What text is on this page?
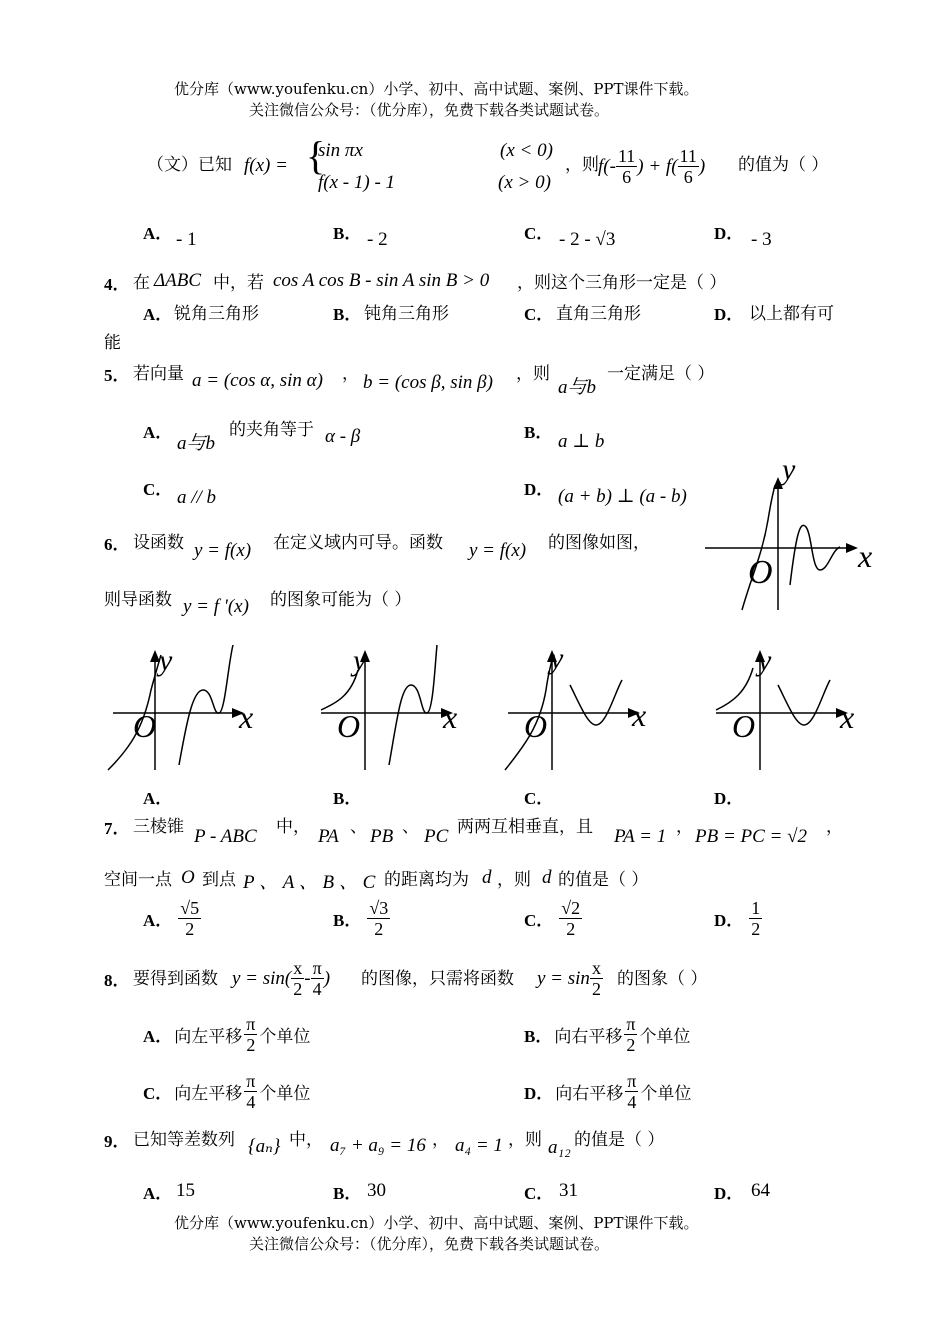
优分库（www.youfenku.cn）小学、初中、高中试题、案例、PPT课件下载。
关注微信公众号：（优分库），免费下载各类试题试卷。
（文）已知 f(x) = {
sin πx	(x < 0)
f(x - 1) - 1	(x > 0)
，则 $f(- \frac{11}{6}$ ) + $f( \frac{11}{6}$ ) 的值为（ ）
A． - 1	B． - 2	C． - 2 - √3	D． - 3
4． 在 ΔABC 中，若 cos A cos B - sin A sin B > 0 ，则这个三角形一定是（ ）
A． 锐角三角形	B． 钝角三角形	C． 直角三角形	D． 以上都有可
能
5． 若向量 a = (cos α, sin α) ， b = (cos β, sin β) ，则
a与b
一定满足（ ）
A．
a与b
的夹角等于 α - β	B． a ⊥ b
C． a // b	D． (a + b) ⊥ (a - b)
6． 设函数 y = f(x) 在定义域内可导。函数 y = f(x) 的图像如图，
则导函数 y = f '(x) 的图象可能为（ ）
y
x
O
y
x
O
y
x
O
y
x
O
y
x
O
A．	B．	C．	D．
7． 三棱锥 P - ABC 中， PA 、 PB 、 PC 两两互相垂直，且 PA = 1 ， PB = PC = √2 ，
空间一点 O 到点 P 、 A 、 B 、 C 的距离均为 d ，则 d 的值是（ ）
A． $\frac{√5}{2}$	B． $\frac{√3}{2}$	C． $\frac{√2}{2}$	D． $\frac{1}{2}$
8． 要得到函数 $y = \sin( \frac{x}{2} - \frac{\pi}{4}$ ) 的图像，只需将函数 $y = \sin \frac{x}{2}$ 的图象（ ）
A． 向左平移 $\frac{\pi}{2}$ 个单位	B． 向右平移 $\frac{\pi}{2}$ 个单位
C． 向左平移 $\frac{\pi}{4}$ 个单位	D． 向右平移 $\frac{\pi}{4}$ 个单位
9． 已知等差数列 {aₙ} 中， a₇ + a₉ = 16 ， a₄ = 1 ，则 a₁₂ 的值是（ ）
A． 15	B． 30	C． 31	D． 64
优分库（www.youfenku.cn）小学、初中、高中试题、案例、PPT课件下载。
关注微信公众号：（优分库），免费下载各类试题试卷。
